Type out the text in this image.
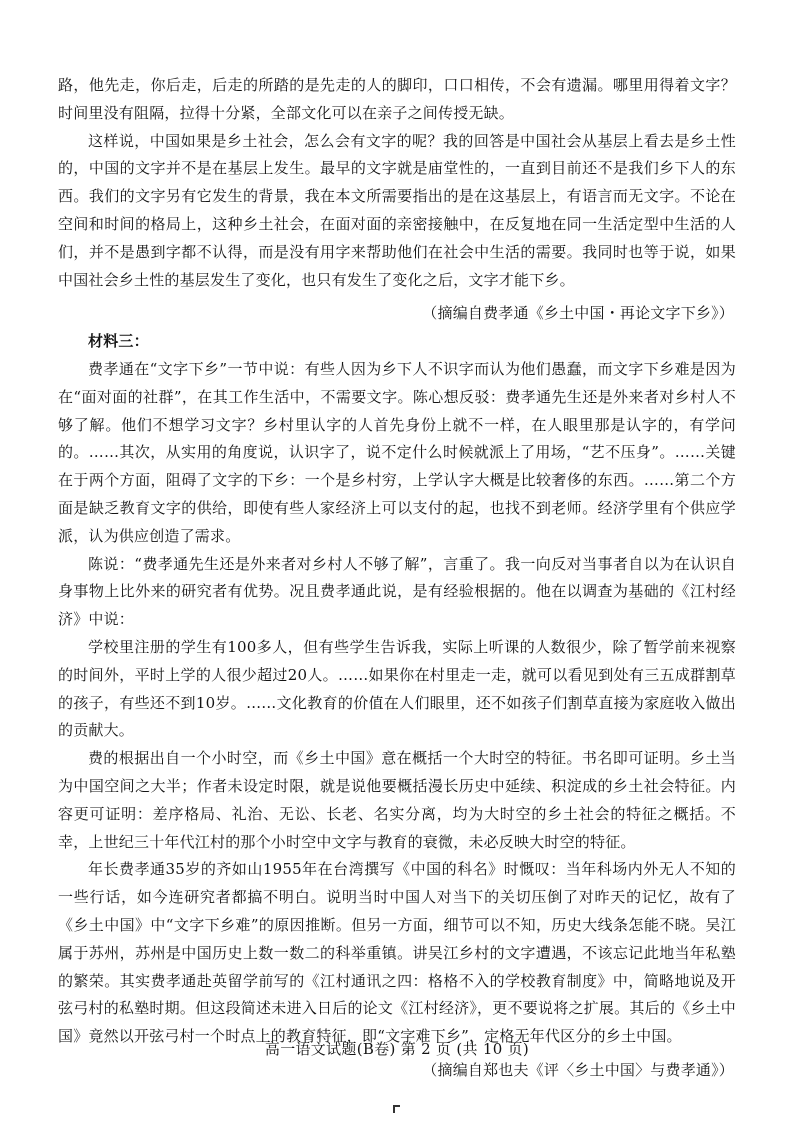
路，他先走，你后走，后走的所踏的是先走的人的脚印，口口相传，不会有遗漏。哪里用得着文字？时间里没有阻隔，拉得十分紧，全部文化可以在亲子之间传授无缺。

这样说，中国如果是乡土社会，怎么会有文字的呢？我的回答是中国社会从基层上看去是乡土性的，中国的文字并不是在基层上发生。最早的文字就是庙堂性的，一直到目前还不是我们乡下人的东西。我们的文字另有它发生的背景，我在本文所需要指出的是在这基层上，有语言而无文字。不论在空间和时间的格局上，这种乡土社会，在面对面的亲密接触中，在反复地在同一生活定型中生活的人们，并不是愚到字都不认得，而是没有用字来帮助他们在社会中生活的需要。我同时也等于说，如果中国社会乡土性的基层发生了变化，也只有发生了变化之后，文字才能下乡。

（摘编自费孝通《乡土中国・再论文字下乡》）

材料三：

费孝通在“文字下乡”一节中说：有些人因为乡下人不识字而认为他们愚蠢，而文字下乡难是因为在“面对面的社群”，在其工作生活中，不需要文字。陈心想反驳：费孝通先生还是外来者对乡村人不够了解。他们不想学习文字？乡村里认字的人首先身份上就不一样，在人眼里那是认字的，有学问的。……其次，从实用的角度说，认识字了，说不定什么时候就派上了用场，“艺不压身”。……关键在于两个方面，阻碍了文字的下乡：一个是乡村穷，上学认字大概是比较奢侈的东西。……第二个方面是缺乏教育文字的供给，即使有些人家经济上可以支付的起，也找不到老师。经济学里有个供应学派，认为供应创造了需求。

陈说：“费孝通先生还是外来者对乡村人不够了解”，言重了。我一向反对当事者自以为在认识自身事物上比外来的研究者有优势。况且费孝通此说，是有经验根据的。他在以调查为基础的《江村经济》中说：

学校里注册的学生有100多人，但有些学生告诉我，实际上听课的人数很少，除了暂学前来视察的时间外，平时上学的人很少超过20人。……如果你在村里走一走，就可以看见到处有三五成群割草的孩子，有些还不到10岁。……文化教育的价值在人们眼里，还不如孩子们割草直接为家庭收入做出的贡献大。

费的根据出自一个小时空，而《乡土中国》意在概括一个大时空的特征。书名即可证明。乡土当为中国空间之大半；作者未设定时限，就是说他要概括漫长历史中延续、积淀成的乡土社会特征。内容更可证明：差序格局、礼治、无讼、长老、名实分离，均为大时空的乡土社会的特征之概括。不幸，上世纪三十年代江村的那个小时空中文字与教育的衰微，未必反映大时空的特征。

年长费孝通35岁的齐如山1955年在台湾撰写《中国的科名》时慨叹：当年科场内外无人不知的一些行话，如今连研究者都搞不明白。说明当时中国人对当下的关切压倒了对昨天的记忆，故有了《乡土中国》中“文字下乡难”的原因推断。但另一方面，细节可以不知，历史大线条怎能不晓。吴江属于苏州，苏州是中国历史上数一数二的科举重镇。讲吴江乡村的文字遭遇，不该忘记此地当年私塾的繁荣。其实费孝通赴英留学前写的《江村通讯之四：格格不入的学校教育制度》中，简略地说及开弦弓村的私塾时期。但这段简述未进入日后的论文《江村经济》，更不要说将之扩展。其后的《乡土中国》竟然以开弦弓村一个时点上的教育特征，即“文字难下乡”，定格无年代区分的乡土中国。

（摘编自郑也夫《评〈乡土中国〉与费孝通》）

高一语文试题(B卷) 第 2 页 (共 10 页)
